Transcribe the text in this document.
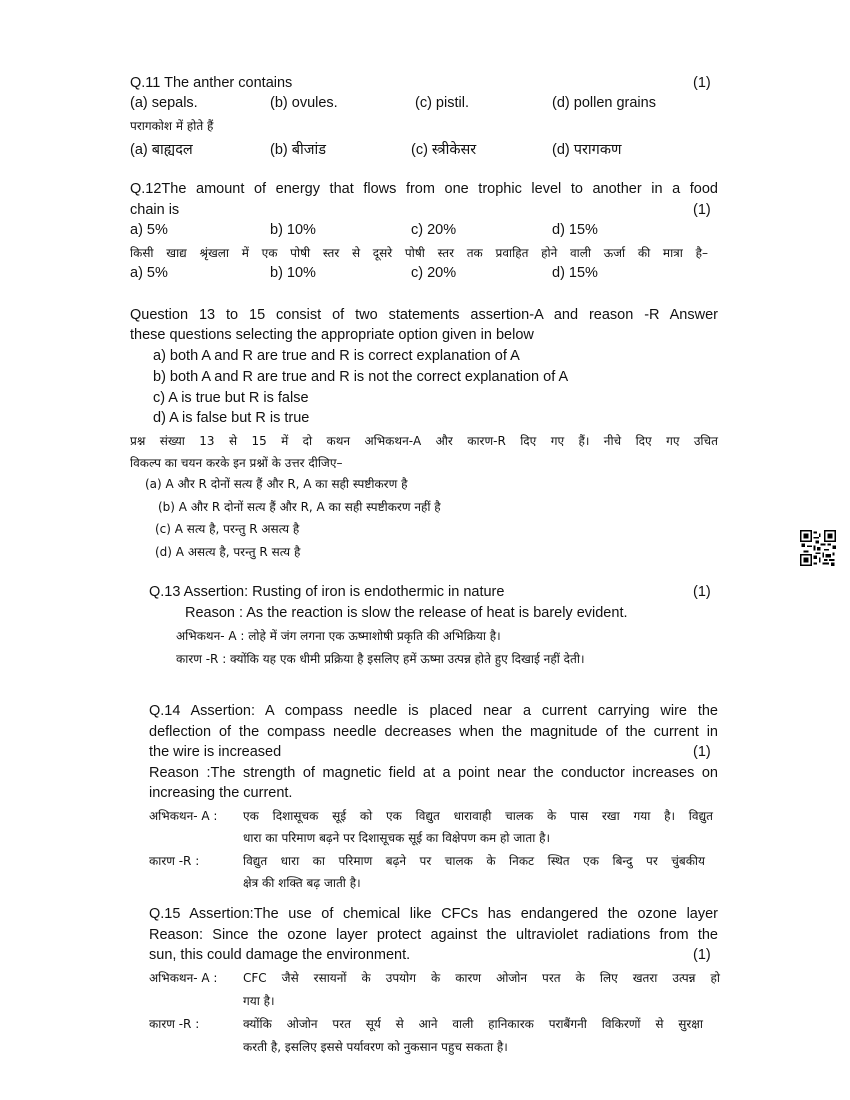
Q.11 The anther contains	(1)
(a) sepals.	(b) ovules.	(c) pistil.	(d) pollen grains
परागकोश में होते हैं
(a) बाह्यदल	(b) बीजांड	(c) स्त्रीकेसर	(d) परागकण
Q.12The amount of energy that flows from one trophic level to another in a food
chain is	(1)
a) 5%	b) 10%	c) 20%	d) 15%
किसी खाद्य श्रृंखला में एक पोषी स्तर से दूसरे पोषी स्तर तक प्रवाहित होने वाली ऊर्जा की मात्रा है–
a) 5%	b) 10%	c) 20%	d) 15%
Question 13 to 15 consist of two statements assertion-A and reason -R Answer
these questions selecting the appropriate option given in below
a) both A and R are true and R is correct explanation of A
b) both A and R are true and R is not the correct explanation of A
c) A is true but R is false
d) A is false but R is true
प्रश्न संख्या 13 से 15 में दो कथन अभिकथन-A और कारण-R दिए गए हैं। नीचे दिए गए उचित
विकल्प का चयन करके इन प्रश्नों के उत्तर दीजिए–
(a) A और R दोनों सत्य हैं और R, A का सही स्पष्टीकरण है
(b) A और R दोनों सत्य हैं और R, A का सही स्पष्टीकरण नहीं है
(c) A सत्य है, परन्तु R असत्य है
(d) A असत्य है, परन्तु R सत्य है
Q.13 Assertion: Rusting of iron is endothermic in nature	(1)
Reason : As the reaction is slow the release of heat is barely evident.
अभिकथन- A : लोहे में जंग लगना एक ऊष्माशोषी प्रकृति की अभिक्रिया है।
कारण -R : क्योंकि यह एक धीमी प्रक्रिया है इसलिए हमें ऊष्मा उत्पन्न होते हुए दिखाई नहीं देती।
Q.14 Assertion: A compass needle is placed near a current carrying wire the
deflection of the compass needle decreases when the magnitude of the current in
the wire is increased	(1)
Reason :The strength of magnetic field at a point near the conductor increases on
increasing the current.
अभिकथन- A : एक दिशासूचक सूई को एक विद्युत धारावाही चालक के पास रखा गया है। विद्युत
धारा का परिमाण बढ़ने पर दिशासूचक सूई का विक्षेपण कम हो जाता है।
कारण -R :	विद्युत धारा का परिमाण बढ़ने पर चालक के निकट स्थित एक बिन्दु पर चुंबकीय
क्षेत्र की शक्ति बढ़ जाती है।
Q.15 Assertion:The use of chemical like CFCs has endangered the ozone layer
Reason: Since the ozone layer protect against the ultraviolet radiations from the
sun, this could damage the environment.	(1)
अभिकथन- A : CFC जैसे रसायनों के उपयोग के कारण ओजोन परत के लिए खतरा उत्पन्न हो
गया है।
कारण -R :	क्योंकि ओजोन परत सूर्य से आने वाली हानिकारक पराबैंगनी विकिरणों से सुरक्षा
करती है, इसलिए इससे पर्यावरण को नुकसान पहुच सकता है।
